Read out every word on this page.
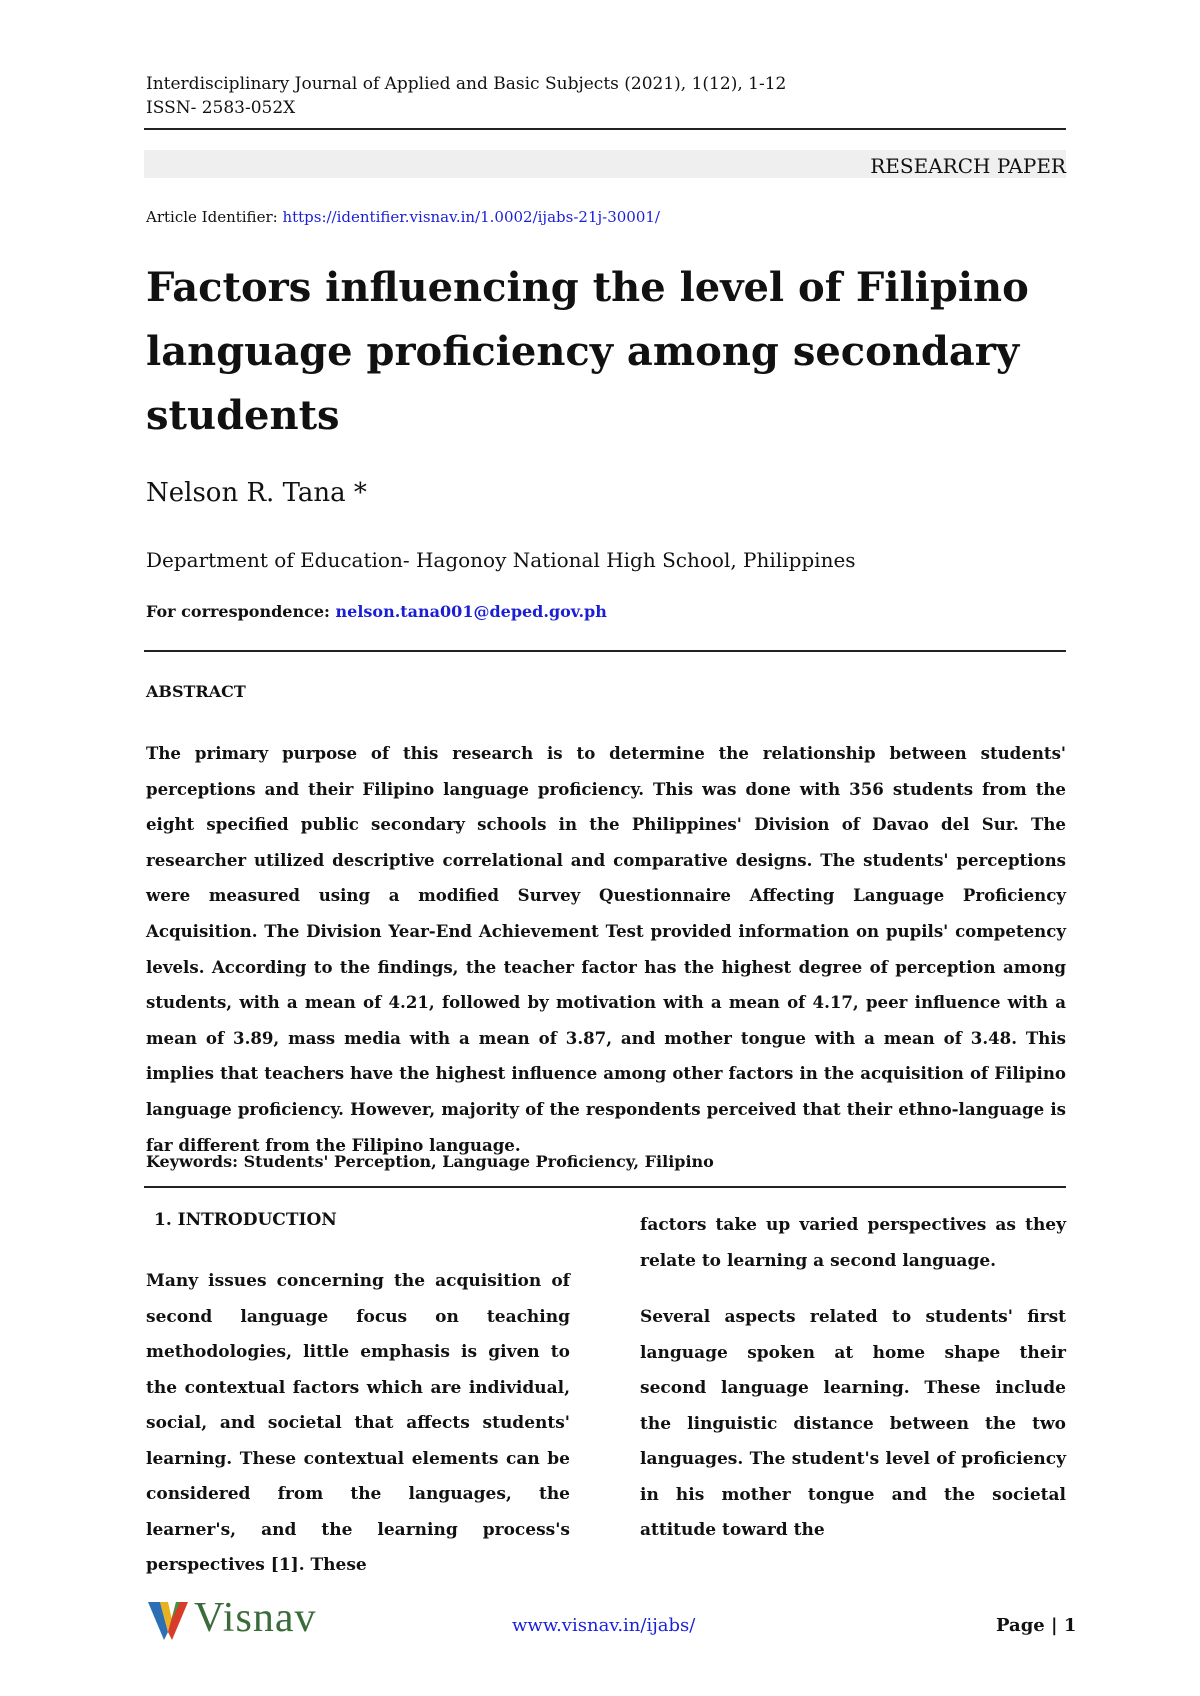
Interdisciplinary Journal of Applied and Basic Subjects (2021), 1(12), 1-12
ISSN- 2583-052X
RESEARCH PAPER
Article Identifier: https://identifier.visnav.in/1.0002/ijabs-21j-30001/
Factors influencing the level of Filipino
language proficiency among secondary
students
Nelson R. Tana *
Department of Education- Hagonoy National High School, Philippines
For correspondence: nelson.tana001@deped.gov.ph
ABSTRACT
The primary purpose of this research is to determine the relationship between students' perceptions and their Filipino language proficiency. This was done with 356 students from the eight specified public secondary schools in the Philippines' Division of Davao del Sur. The researcher utilized descriptive correlational and comparative designs. The students' perceptions were measured using a modified Survey Questionnaire Affecting Language Proficiency Acquisition. The Division Year-End Achievement Test provided information on pupils' competency levels. According to the findings, the teacher factor has the highest degree of perception among students, with a mean of 4.21, followed by motivation with a mean of 4.17, peer influence with a mean of 3.89, mass media with a mean of 3.87, and mother tongue with a mean of 3.48. This implies that teachers have the highest influence among other factors in the acquisition of Filipino language proficiency. However, majority of the respondents perceived that their ethno-language is far different from the Filipino language.
Keywords: Students' Perception, Language Proficiency, Filipino
1. INTRODUCTION

Many issues concerning the acquisition of second language focus on teaching methodologies, little emphasis is given to the contextual factors which are individual, social, and societal that affects students' learning. These contextual elements can be considered from the languages, the learner's, and the learning process's perspectives [1]. These

factors take up varied perspectives as they relate to learning a second language.

Several aspects related to students' first language spoken at home shape their second language learning. These include the linguistic distance between the two languages. The student's level of proficiency in his mother tongue and the societal attitude toward the

Visnav	www.visnav.in/ijabs/	Page | 1
